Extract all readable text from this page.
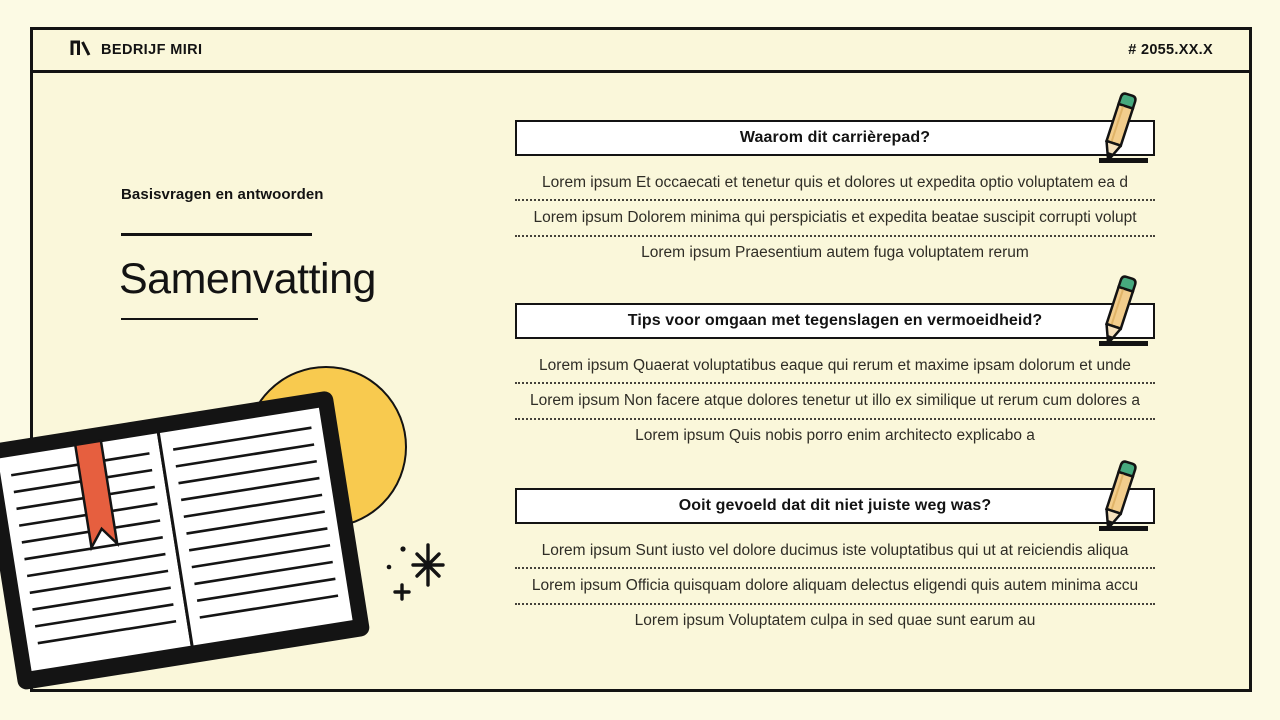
BEDRIJF MIRI	# 2055.XX.X
Basisvragen en antwoorden
Samenvatting
Waarom dit carrièrepad?
Lorem ipsum Et occaecati et tenetur quis et dolores ut expedita optio voluptatem ea d
Lorem ipsum Dolorem minima qui perspiciatis et expedita beatae suscipit corrupti volupt
Lorem ipsum Praesentium autem fuga voluptatem rerum
Tips voor omgaan met tegenslagen en vermoeidheid?
Lorem ipsum Quaerat voluptatibus eaque qui rerum et maxime ipsam dolorum et unde
Lorem ipsum Non facere atque dolores tenetur ut illo ex similique ut rerum cum dolores a
Lorem ipsum Quis nobis porro enim architecto explicabo a
Ooit gevoeld dat dit niet juiste weg was?
Lorem ipsum Sunt iusto vel dolore ducimus iste voluptatibus qui ut at reiciendis aliqua
Lorem ipsum Officia quisquam dolore aliquam delectus eligendi quis autem minima accu
Lorem ipsum Voluptatem culpa in sed quae sunt earum au
